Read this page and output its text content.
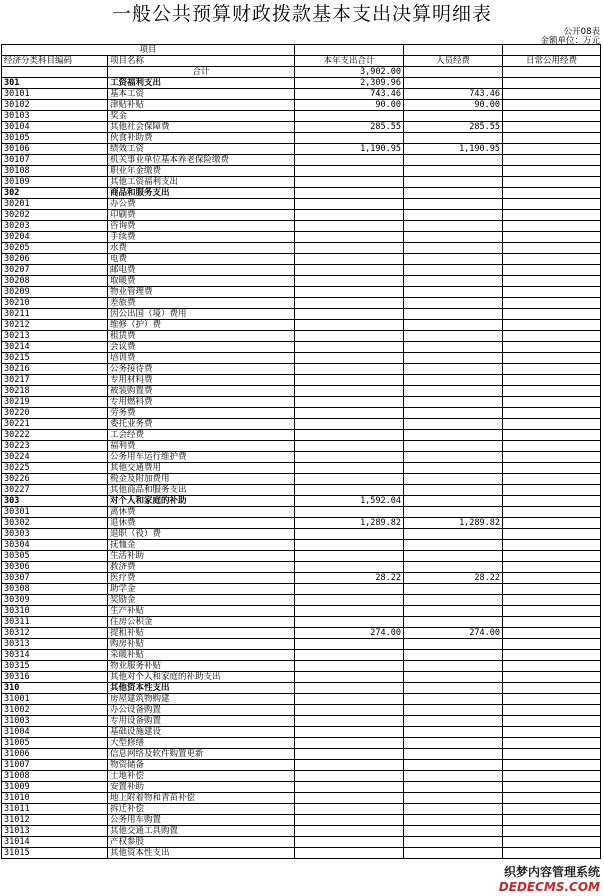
一般公共预算财政拨款基本支出决算明细表
公开08表
金额单位：万元
项目				
经济分类科目编码	项目名称	本年支出合计	人员经费	日常公用经费
	合计	3,902.00		
301	工资福利支出	2,309.96		
30101	基本工资	743.46	743.46	
30102	津贴补贴	90.00	90.00	
30103	奖金			
30104	其他社会保障费	285.55	285.55	
30105	伙食补助费			
30106	绩效工资	1,190.95	1,190.95	
30107	机关事业单位基本养老保险缴费			
30108	职业年金缴费			
30109	其他工资福利支出			
302	商品和服务支出			
30201	办公费			
30202	印刷费			
30203	咨询费			
30204	手续费			
30205	水费			
30206	电费			
30207	邮电费			
30208	取暖费			
30209	物业管理费			
30210	差旅费			
30211	因公出国（境）费用			
30212	维修（护）费			
30213	租赁费			
30214	会议费			
30215	培训费			
30216	公务接待费			
30217	专用材料费			
30218	被装购置费			
30219	专用燃料费			
30220	劳务费			
30221	委托业务费			
30222	工会经费			
30223	福利费			
30224	公务用车运行维护费			
30225	其他交通费用			
30226	税金及附加费用			
30227	其他商品和服务支出			
303	对个人和家庭的补助	1,592.04		
30301	离休费			
30302	退休费	1,289.82	1,289.82	
30303	退职（役）费			
30304	抚恤金			
30305	生活补助			
30306	救济费			
30307	医疗费	28.22	28.22	
30308	助学金			
30309	奖励金			
30310	生产补贴			
30311	住房公积金			
30312	提租补贴	274.00	274.00	
30313	购房补贴			
30314	采暖补贴			
30315	物业服务补贴			
30316	其他对个人和家庭的补助支出			
310	其他资本性支出			
31001	房屋建筑物购建			
31002	办公设备购置			
31003	专用设备购置			
31004	基础设施建设			
31005	大型修缮			
31006	信息网络及软件购置更新			
31007	物资储备			
31008	土地补偿			
31009	安置补助			
31010	地上附着物和青苗补偿			
31011	拆迁补偿			
31012	公务用车购置			
31013	其他交通工具购置			
31014	产权参股			
31015	其他资本性支出			
织梦内容管理系统
DEDECMS.COM
